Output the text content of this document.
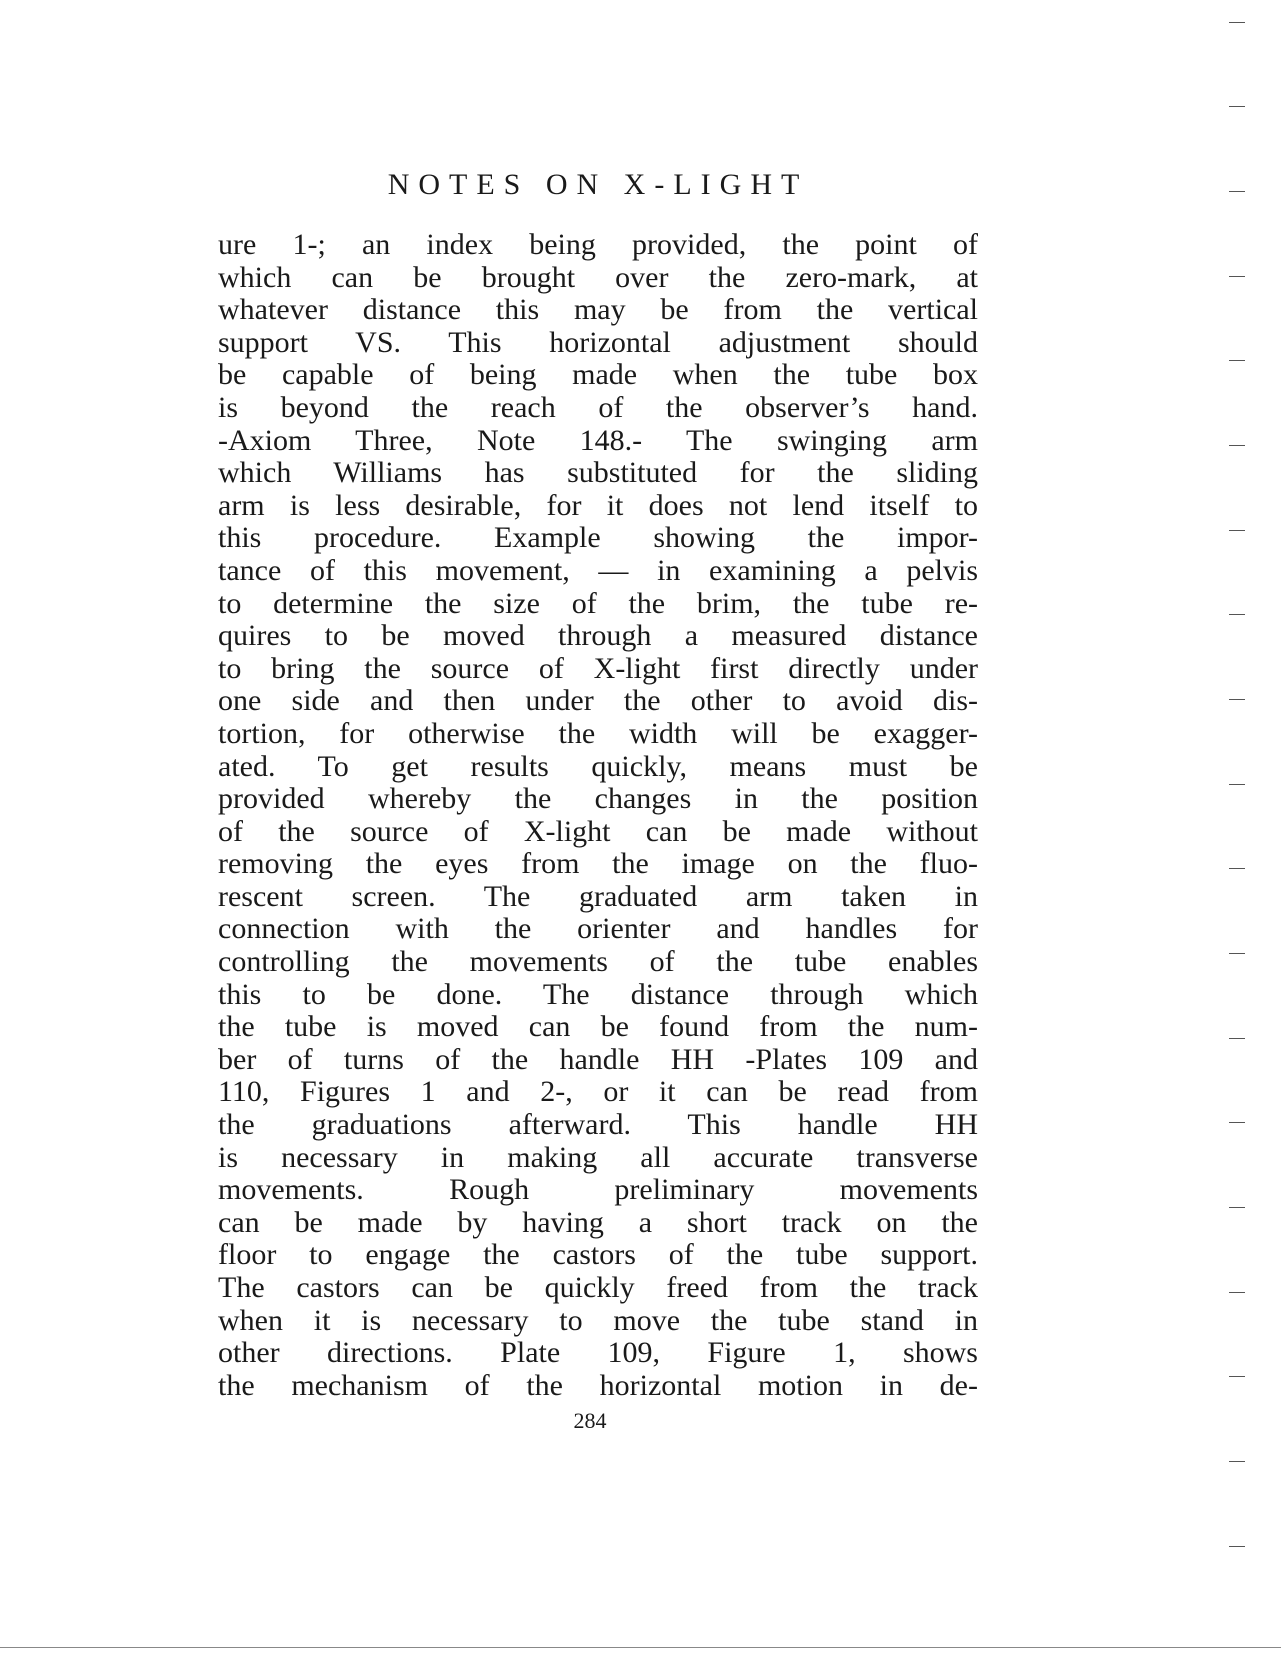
NOTES ON X-LIGHT
ure 1-; an index being provided, the point of
which can be brought over the zero-mark, at
whatever distance this may be from the vertical
support VS. This horizontal adjustment should
be capable of being made when the tube box
is beyond the reach of the observer’s hand.
-Axiom Three, Note 148.- The swinging arm
which Williams has substituted for the sliding
arm is less desirable, for it does not lend itself to
this procedure. Example showing the impor-
tance of this movement, — in examining a pelvis
to determine the size of the brim, the tube re-
quires to be moved through a measured distance
to bring the source of X-light first directly under
one side and then under the other to avoid dis-
tortion, for otherwise the width will be exagger-
ated. To get results quickly, means must be
provided whereby the changes in the position
of the source of X-light can be made without
removing the eyes from the image on the fluo-
rescent screen. The graduated arm taken in
connection with the orienter and handles for
controlling the movements of the tube enables
this to be done. The distance through which
the tube is moved can be found from the num-
ber of turns of the handle HH -Plates 109 and
110, Figures 1 and 2-, or it can be read from
the graduations afterward. This handle HH
is necessary in making all accurate transverse
movements. Rough preliminary movements
can be made by having a short track on the
floor to engage the castors of the tube support.
The castors can be quickly freed from the track
when it is necessary to move the tube stand in
other directions. Plate 109, Figure 1, shows
the mechanism of the horizontal motion in de-
284
